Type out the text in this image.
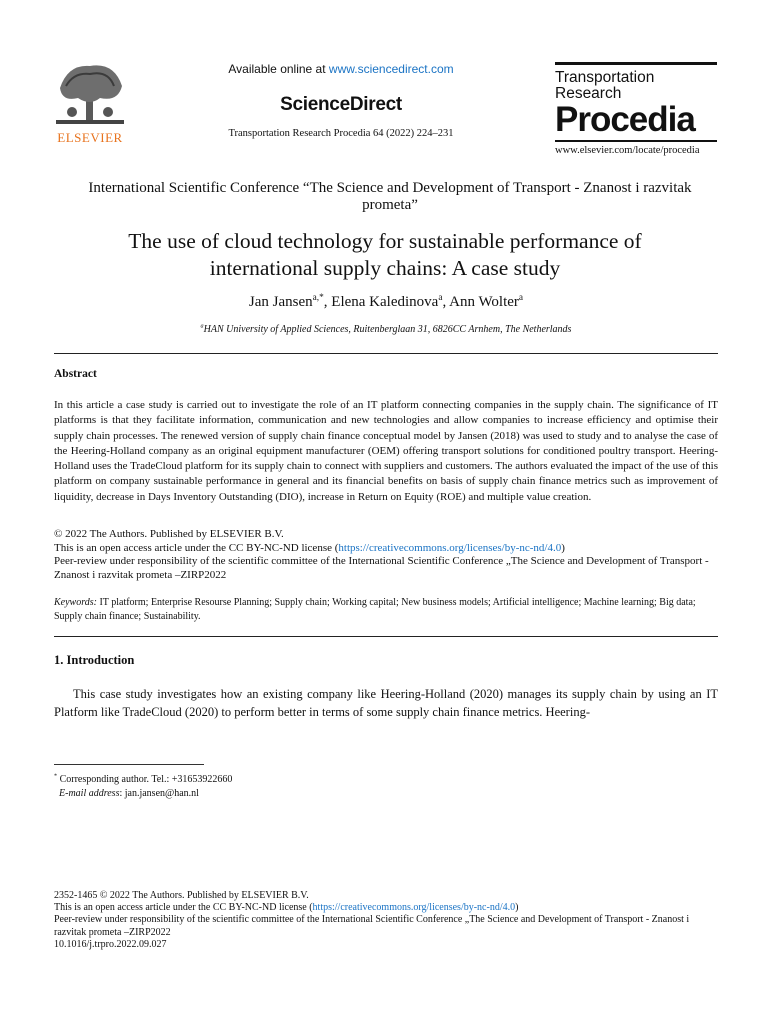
ELSEVIER
Available online at www.sciencedirect.com
ScienceDirect
Transportation Research Procedia 64 (2022) 224–231
Transportation
Research
Procedia
www.elsevier.com/locate/procedia
International Scientific Conference “The Science and Development of Transport - Znanost i razvitak prometa”
The use of cloud technology for sustainable performance of international supply chains: A case study
Jan Jansen$^{a,*}$, Elena Kaledinova$^a$, Ann Wolter$^a$
$^a$HAN University of Applied Sciences, Ruitenberglaan 31, 6826CC Arnhem, The Netherlands
Abstract

In this article a case study is carried out to investigate the role of an IT platform connecting companies in the supply chain. The significance of IT platforms is that they facilitate information, communication and new technologies and allow companies to increase efficiency and optimise their supply chain processes. The renewed version of supply chain finance conceptual model by Jansen (2018) was used to study and to analyse the case of the Heering-Holland company as an original equipment manufacturer (OEM) offering transport solutions for conditioned poultry transport. Heering-Holland uses the TradeCloud platform for its supply chain to connect with suppliers and customers. The authors evaluated the impact of the use of this platform on company sustainable performance in general and its financial benefits on basis of supply chain finance metrics such as improvement of liquidity, decrease in Days Inventory Outstanding (DIO), increase in Return on Equity (ROE) and multiple value creation.

© 2022 The Authors. Published by ELSEVIER B.V.
This is an open access article under the CC BY-NC-ND license (https://creativecommons.org/licenses/by-nc-nd/4.0)
Peer-review under responsibility of the scientific committee of the International Scientific Conference „The Science and Development of Transport - Znanost i razvitak prometa –ZIRP2022
Keywords: IT platform; Enterprise Resourse Planning; Supply chain; Working capital; New business models; Artificial intelligence; Machine learning; Big data; Supply chain finance; Sustainability.
1. Introduction

This case study investigates how an existing company like Heering-Holland (2020) manages its supply chain by using an IT Platform like TradeCloud (2020) to perform better in terms of some supply chain finance metrics. Heering-

* Corresponding author. Tel.: +31653922660
E-mail address: jan.jansen@han.nl
2352-1465 © 2022 The Authors. Published by ELSEVIER B.V.
This is an open access article under the CC BY-NC-ND license (https://creativecommons.org/licenses/by-nc-nd/4.0)
Peer-review under responsibility of the scientific committee of the International Scientific Conference „The Science and Development of Transport - Znanost i razvitak prometa –ZIRP2022
10.1016/j.trpro.2022.09.027
